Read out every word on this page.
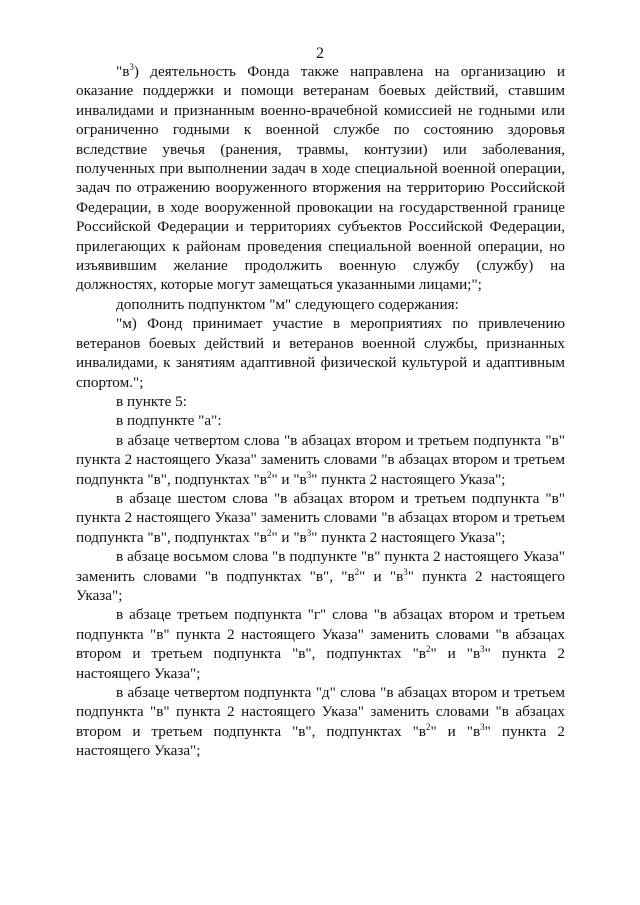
2

"$в^3$) деятельность Фонда также направлена на организацию и оказание поддержки и помощи ветеранам боевых действий, ставшим инвалидами и признанным военно-врачебной комиссией не годными или ограниченно годными к военной службе по состоянию здоровья вследствие увечья (ранения, травмы, контузии) или заболевания, полученных при выполнении задач в ходе специальной военной операции, задач по отражению вооруженного вторжения на территорию Российской Федерации, в ходе вооруженной провокации на государственной границе Российской Федерации и территориях субъектов Российской Федерации, прилегающих к районам проведения специальной военной операции, но изъявившим желание продолжить военную службу (службу) на должностях, которые могут замещаться указанными лицами;";

дополнить подпунктом "м" следующего содержания:

"м) Фонд принимает участие в мероприятиях по привлечению ветеранов боевых действий и ветеранов военной службы, признанных инвалидами, к занятиям адаптивной физической культурой и адаптивным спортом.";

в пункте 5:

в подпункте "а":

в абзаце четвертом слова "в абзацах втором и третьем подпункта "в" пункта 2 настоящего Указа" заменить словами "в абзацах втором и третьем подпункта "в", подпунктах "$в^2$" и "$в^3$" пункта 2 настоящего Указа";

в абзаце шестом слова "в абзацах втором и третьем подпункта "в" пункта 2 настоящего Указа" заменить словами "в абзацах втором и третьем подпункта "в", подпунктах "$в^2$" и "$в^3$" пункта 2 настоящего Указа";

в абзаце восьмом слова "в подпункте "в" пункта 2 настоящего Указа" заменить словами "в подпунктах "в", "$в^2$" и "$в^3$" пункта 2 настоящего Указа";

в абзаце третьем подпункта "г" слова "в абзацах втором и третьем подпункта "в" пункта 2 настоящего Указа" заменить словами "в абзацах втором и третьем подпункта "в", подпунктах "$в^2$" и "$в^3$" пункта 2 настоящего Указа";

в абзаце четвертом подпункта "д" слова "в абзацах втором и третьем подпункта "в" пункта 2 настоящего Указа" заменить словами "в абзацах втором и третьем подпункта "в", подпунктах "$в^2$" и "$в^3$" пункта 2 настоящего Указа";
